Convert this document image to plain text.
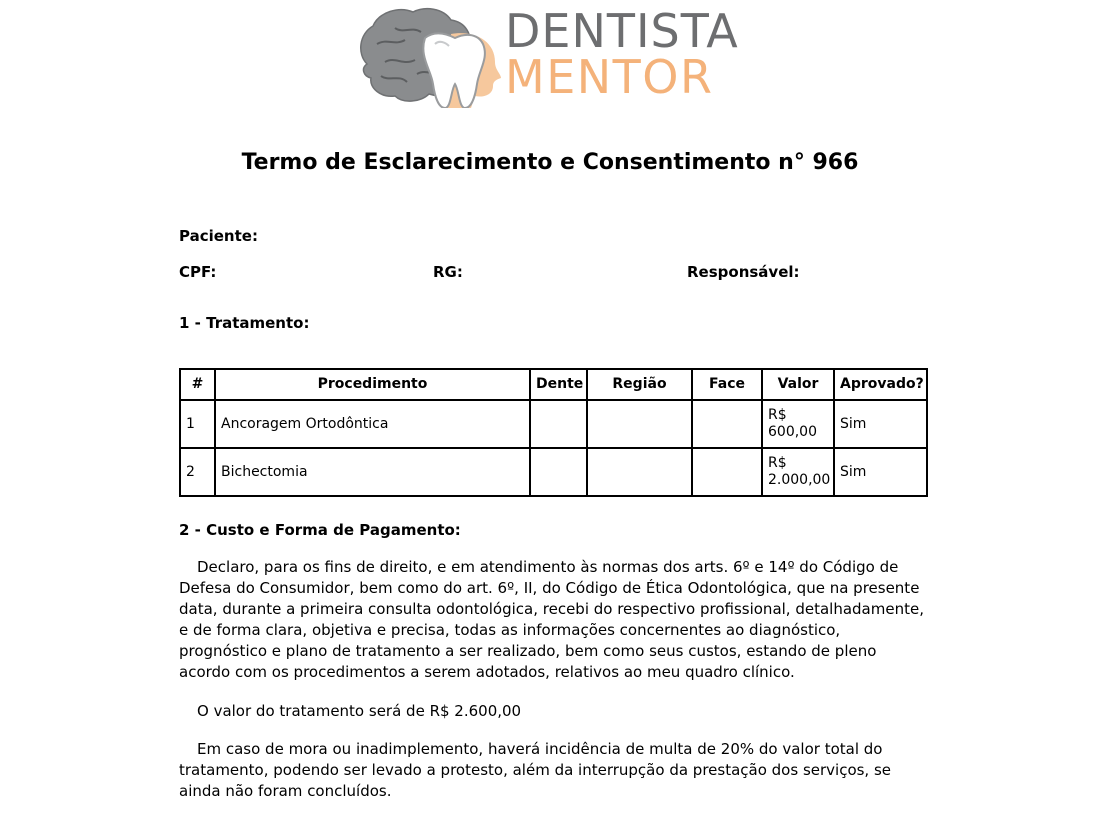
DENTISTA
MENTOR
Termo de Esclarecimento e Consentimento n° 966
Paciente:
CPF:	RG:	Responsável:
1 - Tratamento:
#	Procedimento	Dente	Região	Face	Valor	Aprovado?
1	Ancoragem Ortodôntica				R$ 600,00	Sim
2	Bichectomia				R$ 2.000,00	Sim
2 - Custo e Forma de Pagamento:

Declaro, para os fins de direito, e em atendimento às normas dos arts. 6º e 14º do Código de Defesa do Consumidor, bem como do art. 6º, II, do Código de Ética Odontológica, que na presente data, durante a primeira consulta odontológica, recebi do respectivo profissional, detalhadamente, e de forma clara, objetiva e precisa, todas as informações concernentes ao diagnóstico, prognóstico e plano de tratamento a ser realizado, bem como seus custos, estando de pleno acordo com os procedimentos a serem adotados, relativos ao meu quadro clínico.

O valor do tratamento será de R$ 2.600,00

Em caso de mora ou inadimplemento, haverá incidência de multa de 20% do valor total do tratamento, podendo ser levado a protesto, além da interrupção da prestação dos serviços, se ainda não foram concluídos.
